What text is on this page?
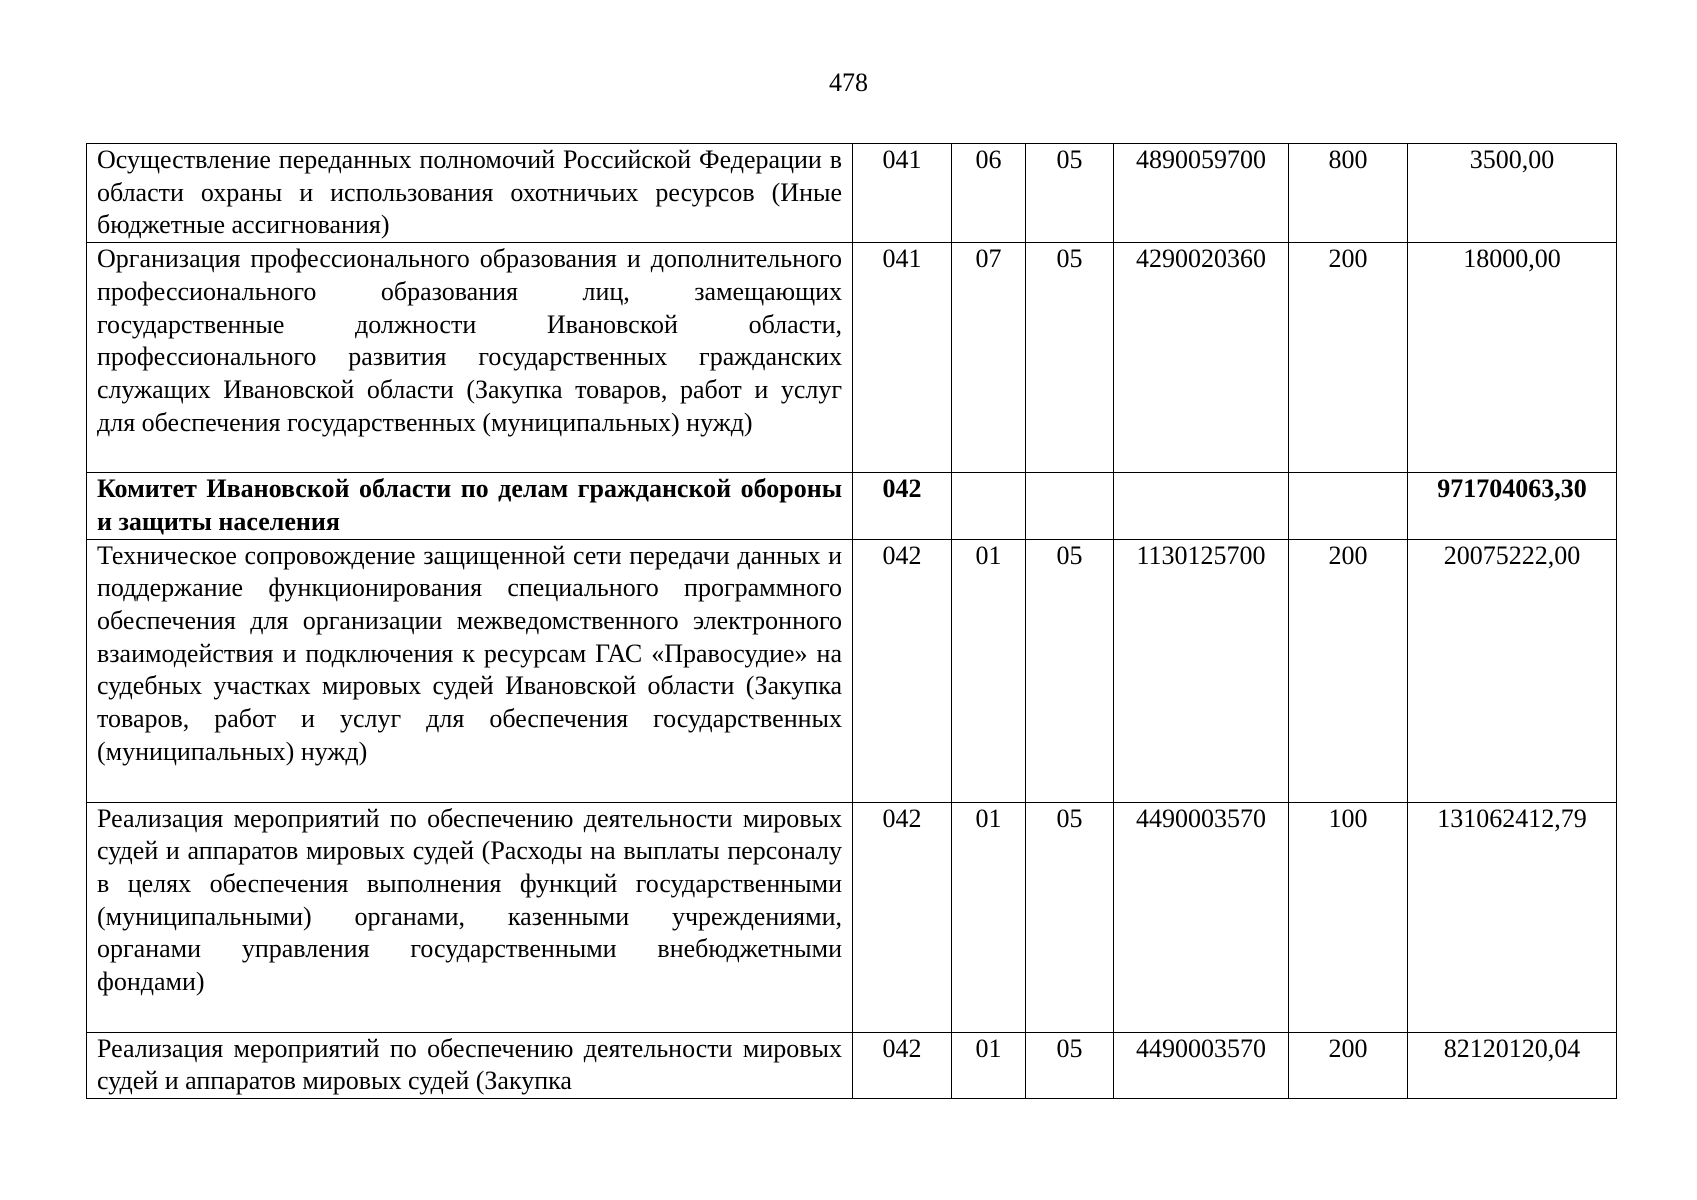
478
Осуществление переданных полномочий Российской Федерации в области охраны и использования охотничьих ресурсов (Иные бюджетные ассигнования)	041	06	05	4890059700	800	3500,00
Организация профессионального образования и дополнительного профессионального образования лиц, замещающих государственные должности Ивановской области, профессионального развития государственных гражданских служащих Ивановской области (Закупка товаров, работ и услуг для обеспечения государственных (муниципальных) нужд)	041	07	05	4290020360	200	18000,00
Комитет Ивановской области по делам гражданской обороны и защиты населения	042					971704063,30
Техническое сопровождение защищенной сети передачи данных и поддержание функционирования специального программного обеспечения для организации межведомственного электронного взаимодействия и подключения к ресурсам ГАС «Правосудие» на судебных участках мировых судей Ивановской области (Закупка товаров, работ и услуг для обеспечения государственных (муниципальных) нужд)	042	01	05	1130125700	200	20075222,00
Реализация мероприятий по обеспечению деятельности мировых судей и аппаратов мировых судей (Расходы на выплаты персоналу в целях обеспечения выполнения функций государственными (муниципальными) органами, казенными учреждениями, органами управления государственными внебюджетными фондами)	042	01	05	4490003570	100	131062412,79
Реализация мероприятий по обеспечению деятельности мировых судей и аппаратов мировых судей (Закупка	042	01	05	4490003570	200	82120120,04
